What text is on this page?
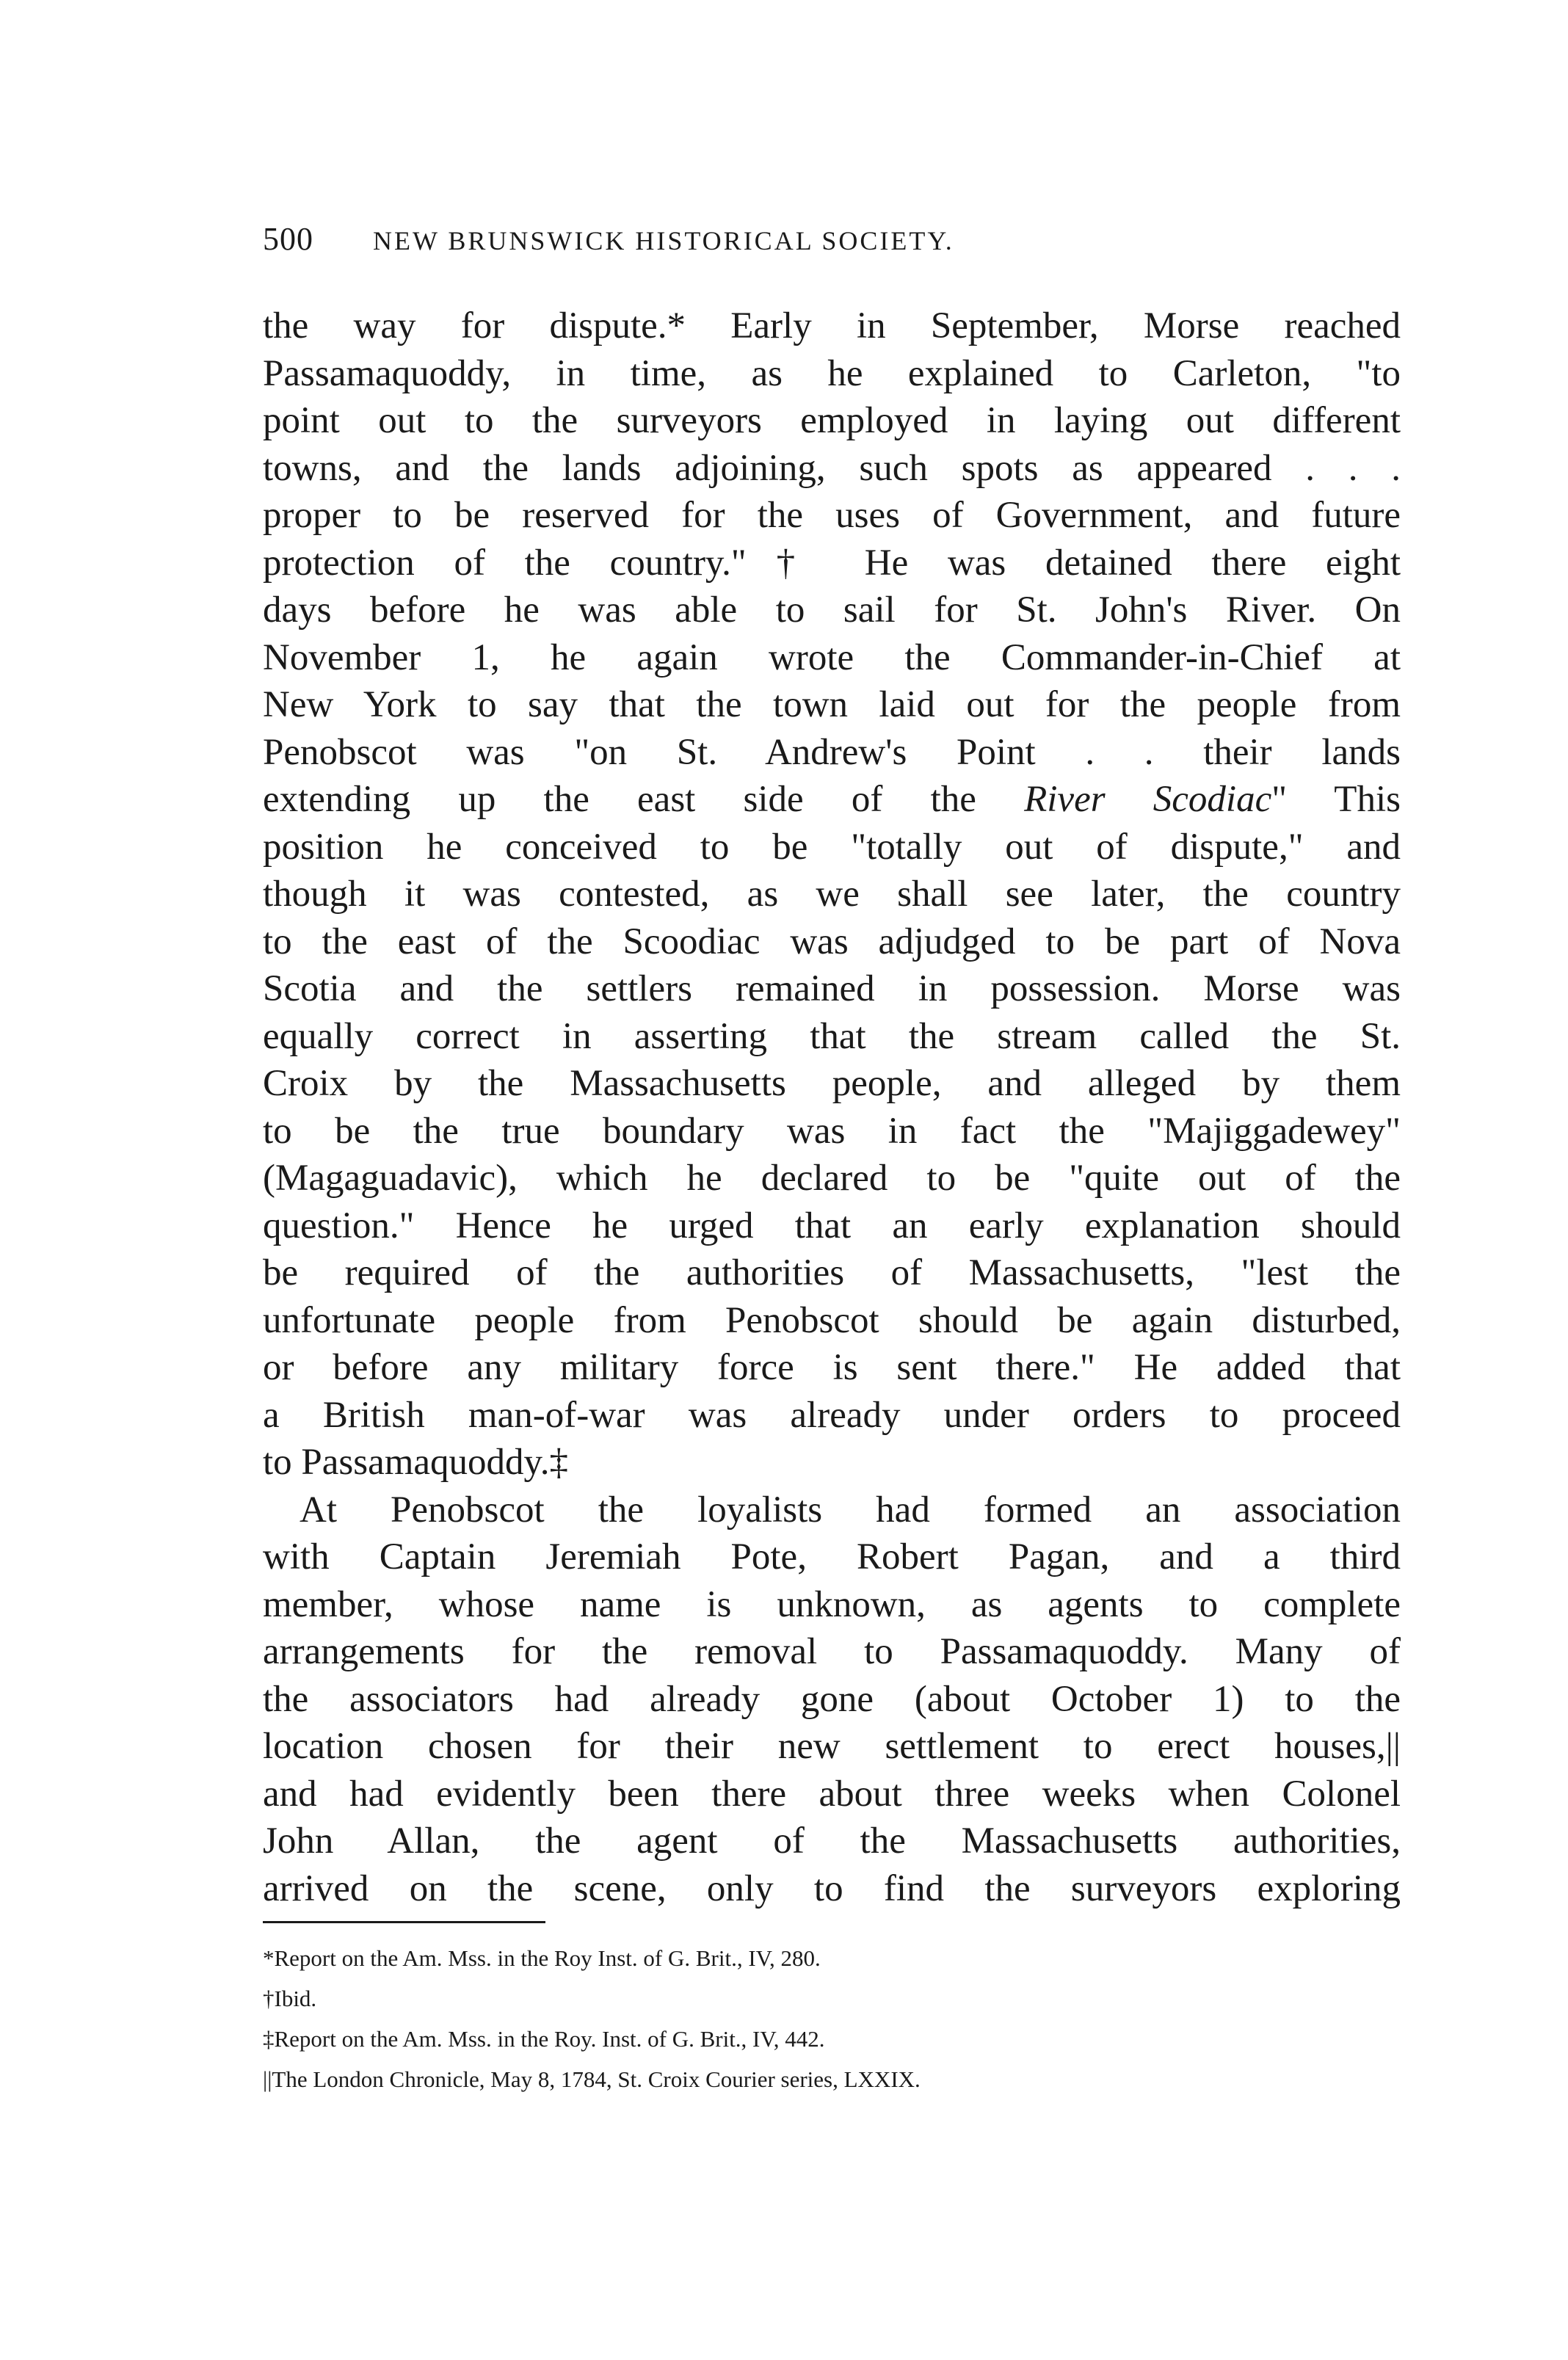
500	NEW BRUNSWICK HISTORICAL SOCIETY.
the way for dispute.* Early in September, Morse reached
Passamaquoddy, in time, as he explained to Carleton, "to
point out to the surveyors employed in laying out different
towns, and the lands adjoining, such spots as appeared . . .
proper to be reserved for the uses of Government, and future
protection of the country."† He was detained there eight
days before he was able to sail for St. John's River. On
November 1, he again wrote the Commander-in-Chief at
New York to say that the town laid out for the people from
Penobscot was "on St. Andrew's Point . . their lands
extending up the east side of the River Scodiac" This
position he conceived to be "totally out of dispute," and
though it was contested, as we shall see later, the country
to the east of the Scoodiac was adjudged to be part of Nova
Scotia and the settlers remained in possession. Morse was
equally correct in asserting that the stream called the St.
Croix by the Massachusetts people, and alleged by them
to be the true boundary was in fact the "Majiggadewey"
(Magaguadavic), which he declared to be "quite out of the
question." Hence he urged that an early explanation should
be required of the authorities of Massachusetts, "lest the
unfortunate people from Penobscot should be again disturbed,
or before any military force is sent there." He added that
a British man-of-war was already under orders to proceed
to Passamaquoddy.‡
At Penobscot the loyalists had formed an association
with Captain Jeremiah Pote, Robert Pagan, and a third
member, whose name is unknown, as agents to complete
arrangements for the removal to Passamaquoddy. Many of
the associators had already gone (about October 1) to the
location chosen for their new settlement to erect houses,||
and had evidently been there about three weeks when Colonel
John Allan, the agent of the Massachusetts authorities,
arrived on the scene, only to find the surveyors exploring
*Report on the Am. Mss. in the Roy Inst. of G. Brit., IV, 280.
†Ibid.
‡Report on the Am. Mss. in the Roy. Inst. of G. Brit., IV, 442.
||The London Chronicle, May 8, 1784, St. Croix Courier series, LXXIX.
